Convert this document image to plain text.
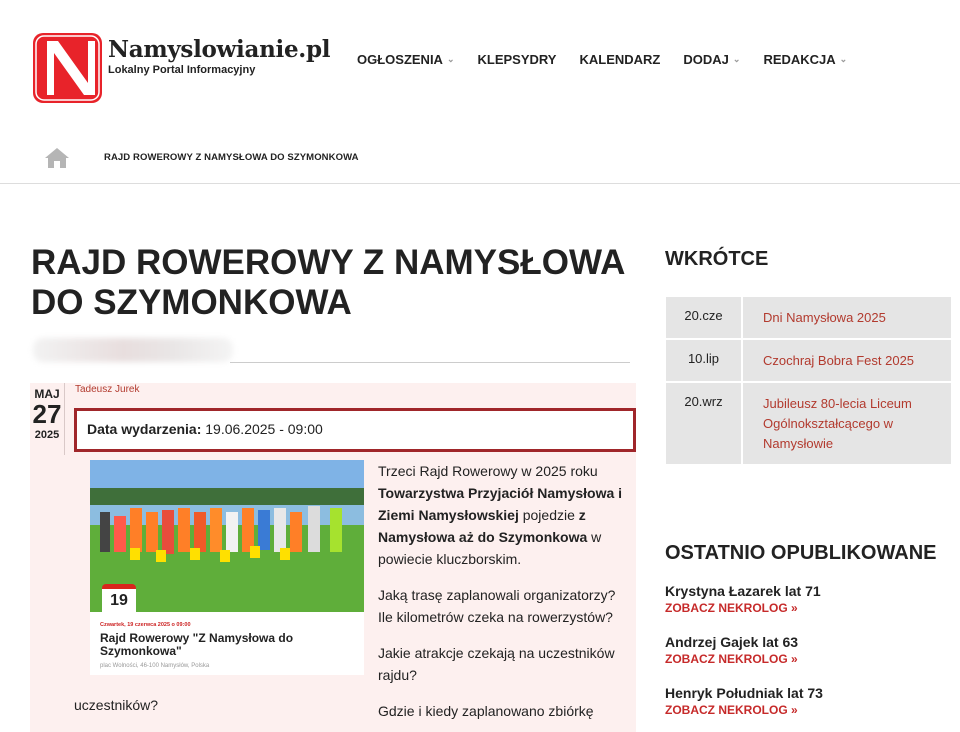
Namyslowianie.pl
Lokalny Portal Informacyjny
OGŁOSZENIA ⌄ KLEPSYDRY KALENDARZ DODAJ ⌄ REDAKCJA ⌄
RAJD ROWEROWY Z NAMYSŁOWA DO SZYMONKOWA
RAJD ROWEROWY Z NAMYSŁOWA DO SZYMONKOWA
MAJ
27
2025
Tadeusz Jurek
Data wydarzenia: 19.06.2025 - 09:00
19
Czwartek, 19 czerwca 2025 o 09:00
Rajd Rowerowy "Z Namysłowa do Szymonkowa"
plac Wolności, 46-100 Namysłów, Polska

Trzeci Rajd Rowerowy w 2025 roku Towarzystwa Przyjaciół Namysłowa i Ziemi Namysłowskiej pojedzie z Namysłowa aż do Szymonkowa w powiecie kluczborskim.

Jaką trasę zaplanowali organizatorzy? Ile kilometrów czeka na rowerzystów?

Jakie atrakcje czekają na uczestników rajdu?

Gdzie i kiedy zaplanowano zbiórkę

uczestników?
WKRÓTCE
20.cze	Dni Namysłowa 2025
10.lip	Czochraj Bobra Fest 2025
20.wrz	Jubileusz 80-lecia Liceum Ogólnokształcącego w Namysłowie
OSTATNIO OPUBLIKOWANE
Krystyna Łazarek lat 71
ZOBACZ NEKROLOG »
Andrzej Gajek lat 63
ZOBACZ NEKROLOG »
Henryk Południak lat 73
ZOBACZ NEKROLOG »
